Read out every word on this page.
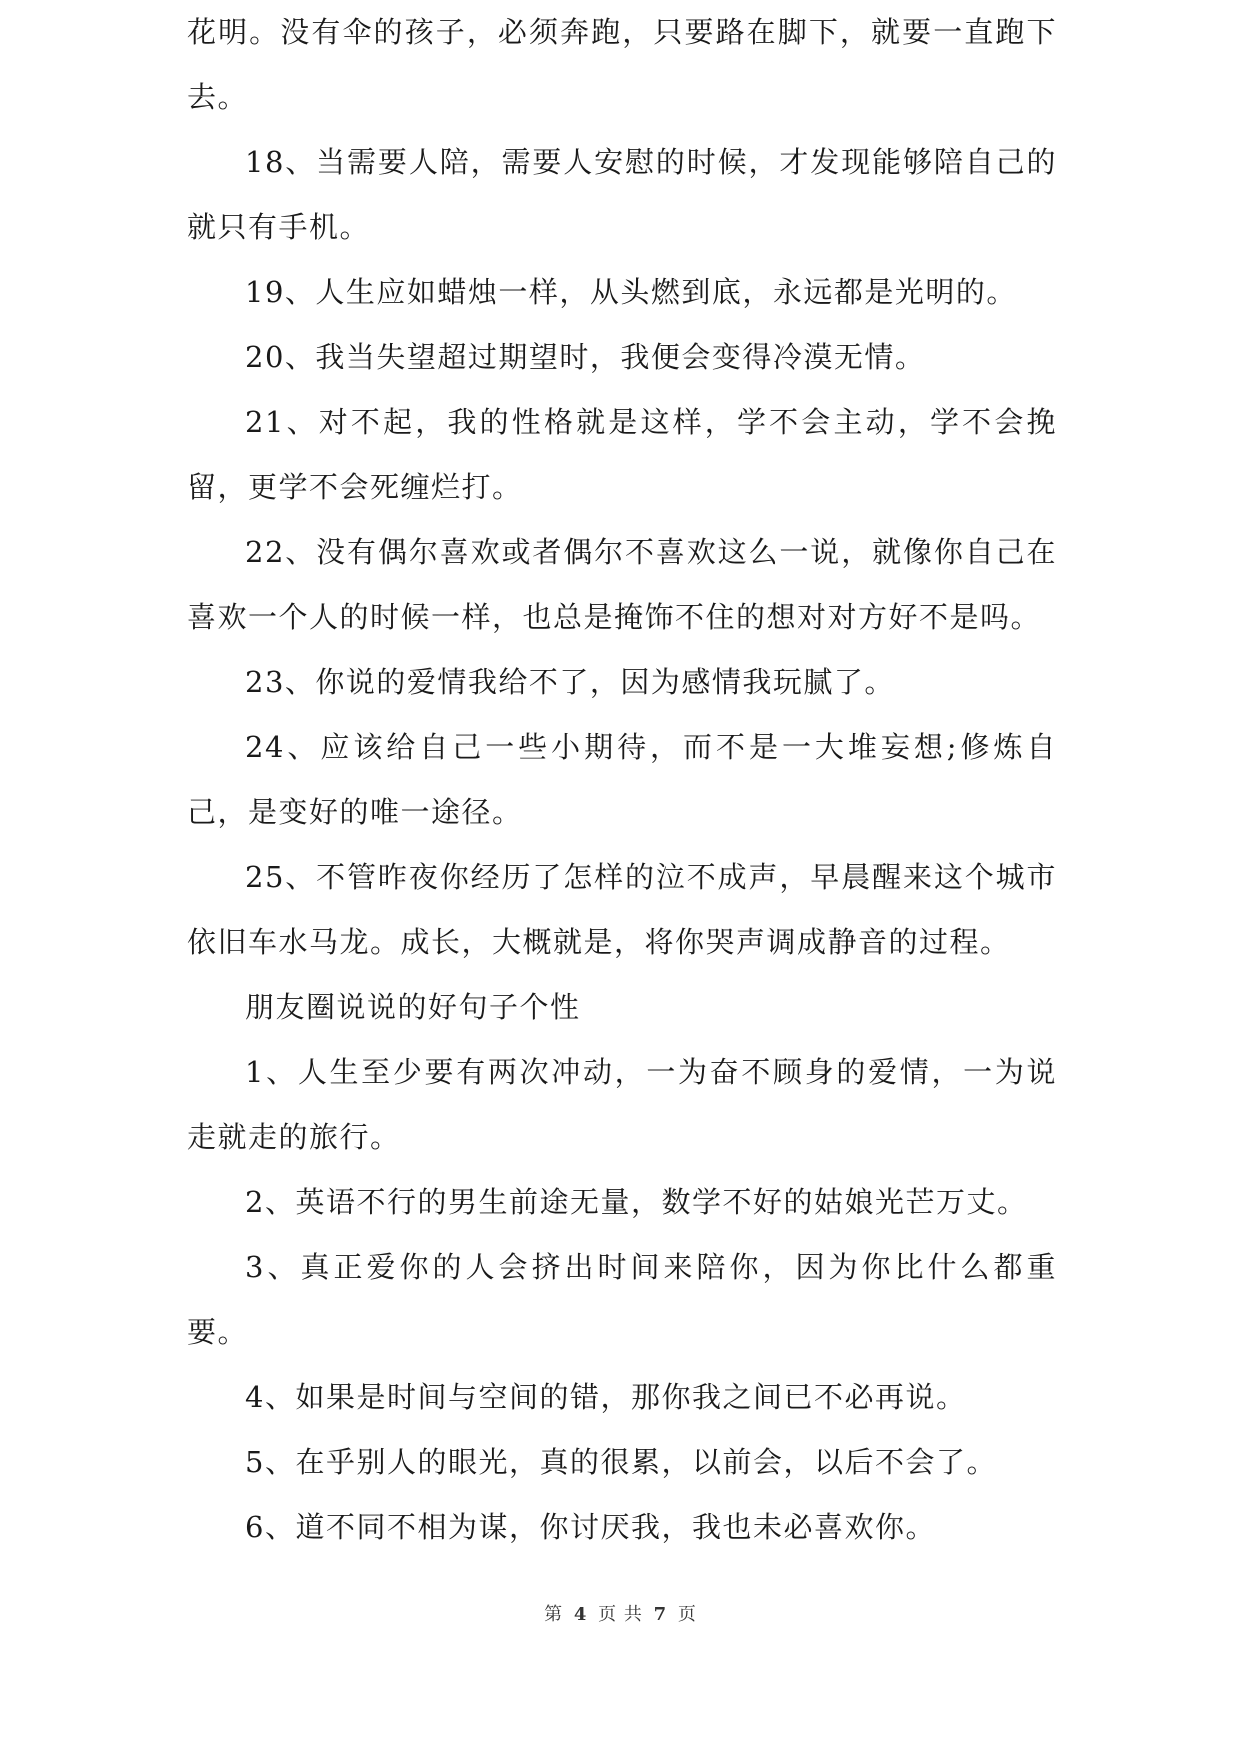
花明。没有伞的孩子，必须奔跑，只要路在脚下，就要一直跑下去。

18、当需要人陪，需要人安慰的时候，才发现能够陪自己的就只有手机。

19、人生应如蜡烛一样，从头燃到底，永远都是光明的。

20、我当失望超过期望时，我便会变得冷漠无情。

21、对不起，我的性格就是这样，学不会主动，学不会挽留，更学不会死缠烂打。

22、没有偶尔喜欢或者偶尔不喜欢这么一说，就像你自己在喜欢一个人的时候一样，也总是掩饰不住的想对对方好不是吗。

23、你说的爱情我给不了，因为感情我玩腻了。

24、应该给自己一些小期待，而不是一大堆妄想;修炼自己，是变好的唯一途径。

25、不管昨夜你经历了怎样的泣不成声，早晨醒来这个城市依旧车水马龙。成长，大概就是，将你哭声调成静音的过程。

朋友圈说说的好句子个性

1、人生至少要有两次冲动，一为奋不顾身的爱情，一为说走就走的旅行。

2、英语不行的男生前途无量，数学不好的姑娘光芒万丈。

3、真正爱你的人会挤出时间来陪你，因为你比什么都重要。

4、如果是时间与空间的错，那你我之间已不必再说。

5、在乎别人的眼光，真的很累，以前会，以后不会了。

6、道不同不相为谋，你讨厌我，我也未必喜欢你。

第 4 页 共 7 页
